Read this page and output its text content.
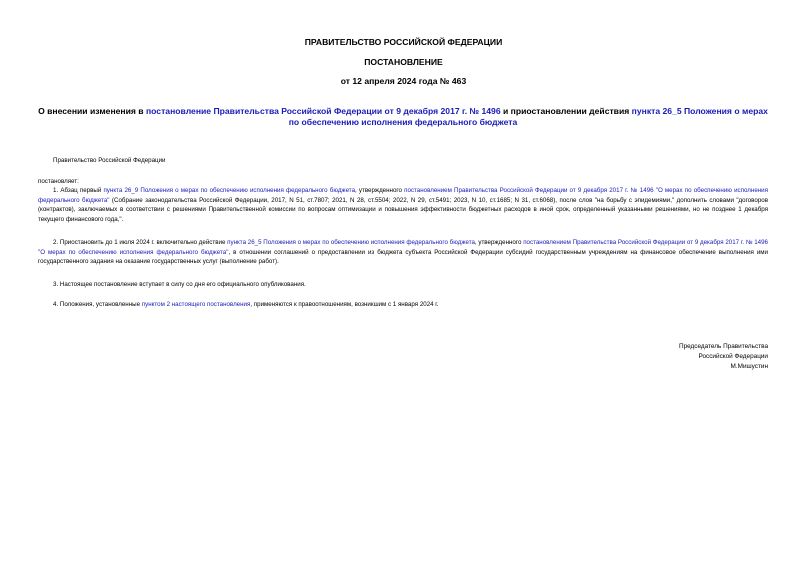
ПРАВИТЕЛЬСТВО РОССИЙСКОЙ ФЕДЕРАЦИИ
ПОСТАНОВЛЕНИЕ
от 12 апреля 2024 года № 463
О внесении изменения в постановление Правительства Российской Федерации от 9 декабря 2017 г. № 1496 и приостановлении действия пункта 26_5 Положения о мерах по обеспечению исполнения федерального бюджета
Правительство Российской Федерации
постановляет:
1. Абзац первый пункта 26_9 Положения о мерах по обеспечению исполнения федерального бюджета, утвержденного постановлением Правительства Российской Федерации от 9 декабря 2017 г. № 1496 "О мерах по обеспечению исполнения федерального бюджета" (Собрание законодательства Российской Федерации, 2017, N 51, ст.7807; 2021, N 28, ст.5504; 2022, N 29, ст.5491; 2023, N 10, ст.1685; N 31, ст.6068), после слов "на борьбу с эпидемиями," дополнить словами "договоров (контрактов), заключаемых в соответствии с решениями Правительственной комиссии по вопросам оптимизации и повышения эффективности бюджетных расходов в иной срок, определенный указанными решениями, но не позднее 1 декабря текущего финансового года,".
2. Приостановить до 1 июля 2024 г. включительно действие пункта 26_5 Положения о мерах по обеспечению исполнения федерального бюджета, утвержденного постановлением Правительства Российской Федерации от 9 декабря 2017 г. № 1496 "О мерах по обеспечению исполнения федерального бюджета", в отношении соглашений о предоставлении из бюджета субъекта Российской Федерации субсидий государственным учреждениям на финансовое обеспечение выполнения ими государственного задания на оказание государственных услуг (выполнение работ).
3. Настоящее постановление вступает в силу со дня его официального опубликования.
4. Положения, установленные пунктом 2 настоящего постановления, применяются к правоотношениям, возникшим с 1 января 2024 г.
Председатель Правительства
Российской Федерации
М.Мишустин
